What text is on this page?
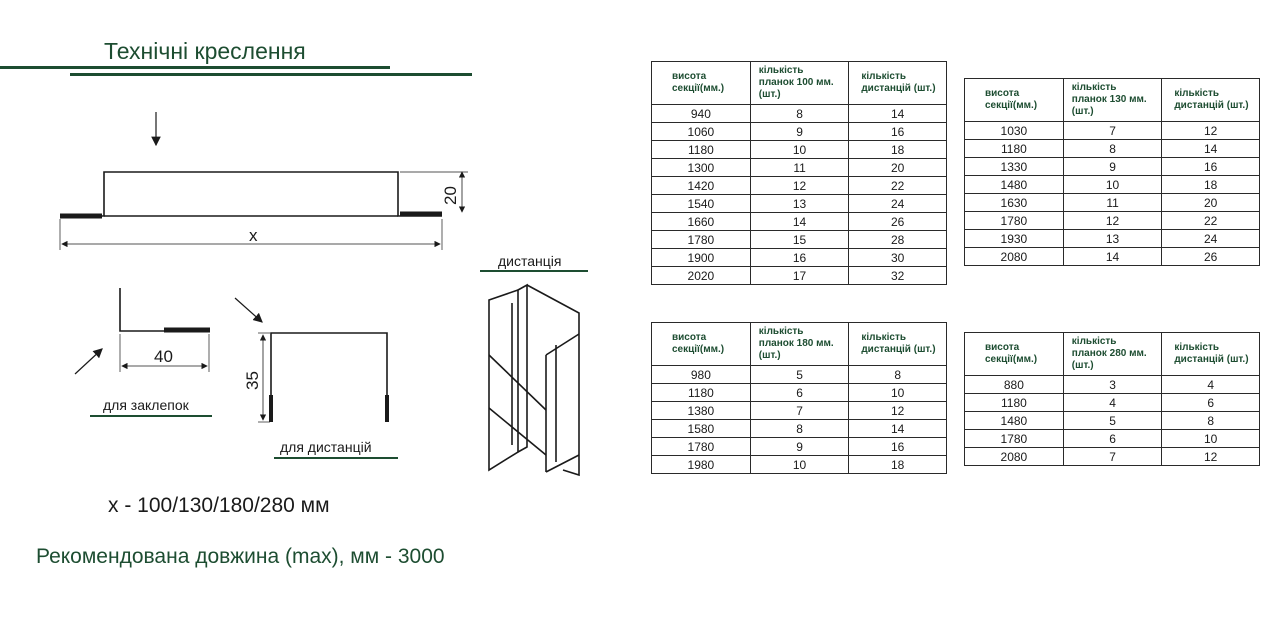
Технічні креслення
x
20
40
35
для заклепок
для дистанцій
дистанція
x - 100/130/180/280 мм
Рекомендована довжина (max), мм - 3000
висота секції(мм.)	кількість планок 100 мм.(шт.)	кількість дистанцій (шт.)
940	8	14
1060	9	16
1180	10	18
1300	11	20
1420	12	22
1540	13	24
1660	14	26
1780	15	28
1900	16	30
2020	17	32
висота секції(мм.)	кількість планок 130 мм.(шт.)	кількість дистанцій (шт.)
1030	7	12
1180	8	14
1330	9	16
1480	10	18
1630	11	20
1780	12	22
1930	13	24
2080	14	26
висота секції(мм.)	кількість планок 180 мм.(шт.)	кількість дистанцій (шт.)
980	5	8
1180	6	10
1380	7	12
1580	8	14
1780	9	16
1980	10	18
висота секції(мм.)	кількість планок 280 мм.(шт.)	кількість дистанцій (шт.)
880	3	4
1180	4	6
1480	5	8
1780	6	10
2080	7	12
